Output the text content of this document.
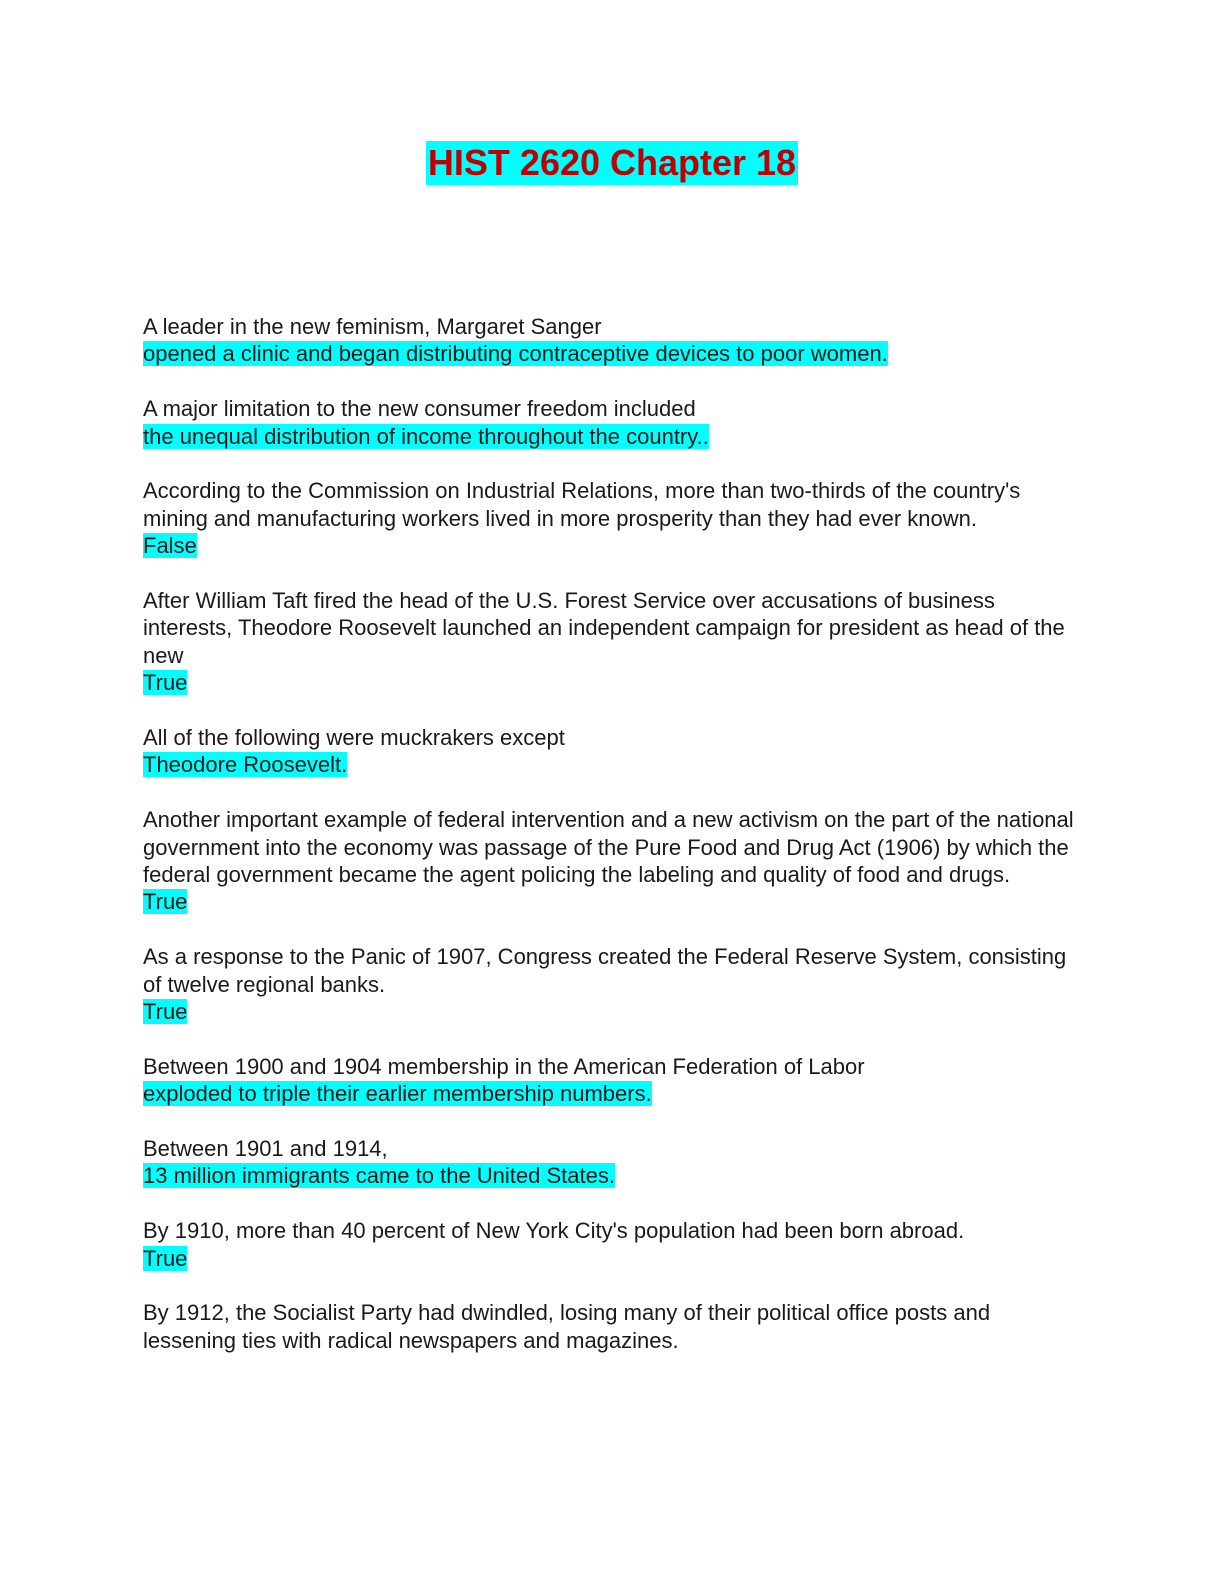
HIST 2620 Chapter 18
A leader in the new feminism, Margaret Sanger
opened a clinic and began distributing contraceptive devices to poor women.
A major limitation to the new consumer freedom included
the unequal distribution of income throughout the country..
According to the Commission on Industrial Relations, more than two-thirds of the country's mining and manufacturing workers lived in more prosperity than they had ever known.
False
After William Taft fired the head of the U.S. Forest Service over accusations of business interests, Theodore Roosevelt launched an independent campaign for president as head of the new
True
All of the following were muckrakers except
Theodore Roosevelt.
Another important example of federal intervention and a new activism on the part of the national government into the economy was passage of the Pure Food and Drug Act (1906) by which the federal government became the agent policing the labeling and quality of food and drugs.
True
As a response to the Panic of 1907, Congress created the Federal Reserve System, consisting of twelve regional banks.
True
Between 1900 and 1904 membership in the American Federation of Labor
exploded to triple their earlier membership numbers.
Between 1901 and 1914,
13 million immigrants came to the United States.
By 1910, more than 40 percent of New York City's population had been born abroad.
True
By 1912, the Socialist Party had dwindled, losing many of their political office posts and lessening ties with radical newspapers and magazines.
